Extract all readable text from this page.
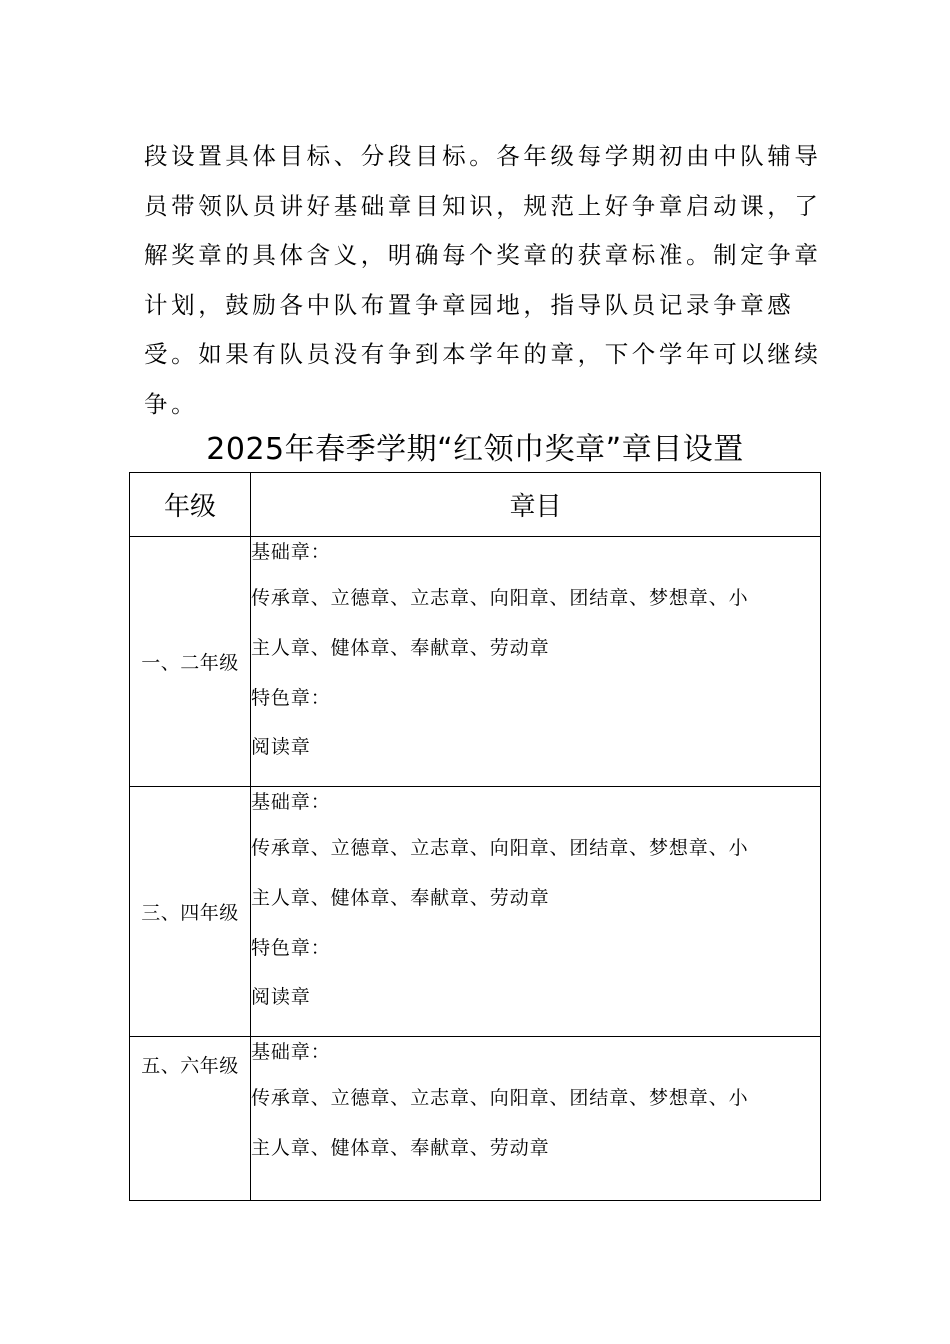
段设置具体目标、分段目标。各年级每学期初由中队辅导
员带领队员讲好基础章目知识，规范上好争章启动课，了
解奖章的具体含义，明确每个奖章的获章标准。制定争章
计划，鼓励各中队布置争章园地，指导队员记录争章感
受。如果有队员没有争到本学年的章，下个学年可以继续
争。

2025年春季学期“红领巾奖章”章目设置
年级	章目
一、二年级	基础章：
传承章、立德章、立志章、向阳章、团结章、梦想章、小
主人章、健体章、奉献章、劳动章
特色章：
阅读章

三、四年级	基础章：
传承章、立德章、立志章、向阳章、团结章、梦想章、小
主人章、健体章、奉献章、劳动章
特色章：
阅读章

五、六年级	基础章：
传承章、立德章、立志章、向阳章、团结章、梦想章、小
主人章、健体章、奉献章、劳动章
